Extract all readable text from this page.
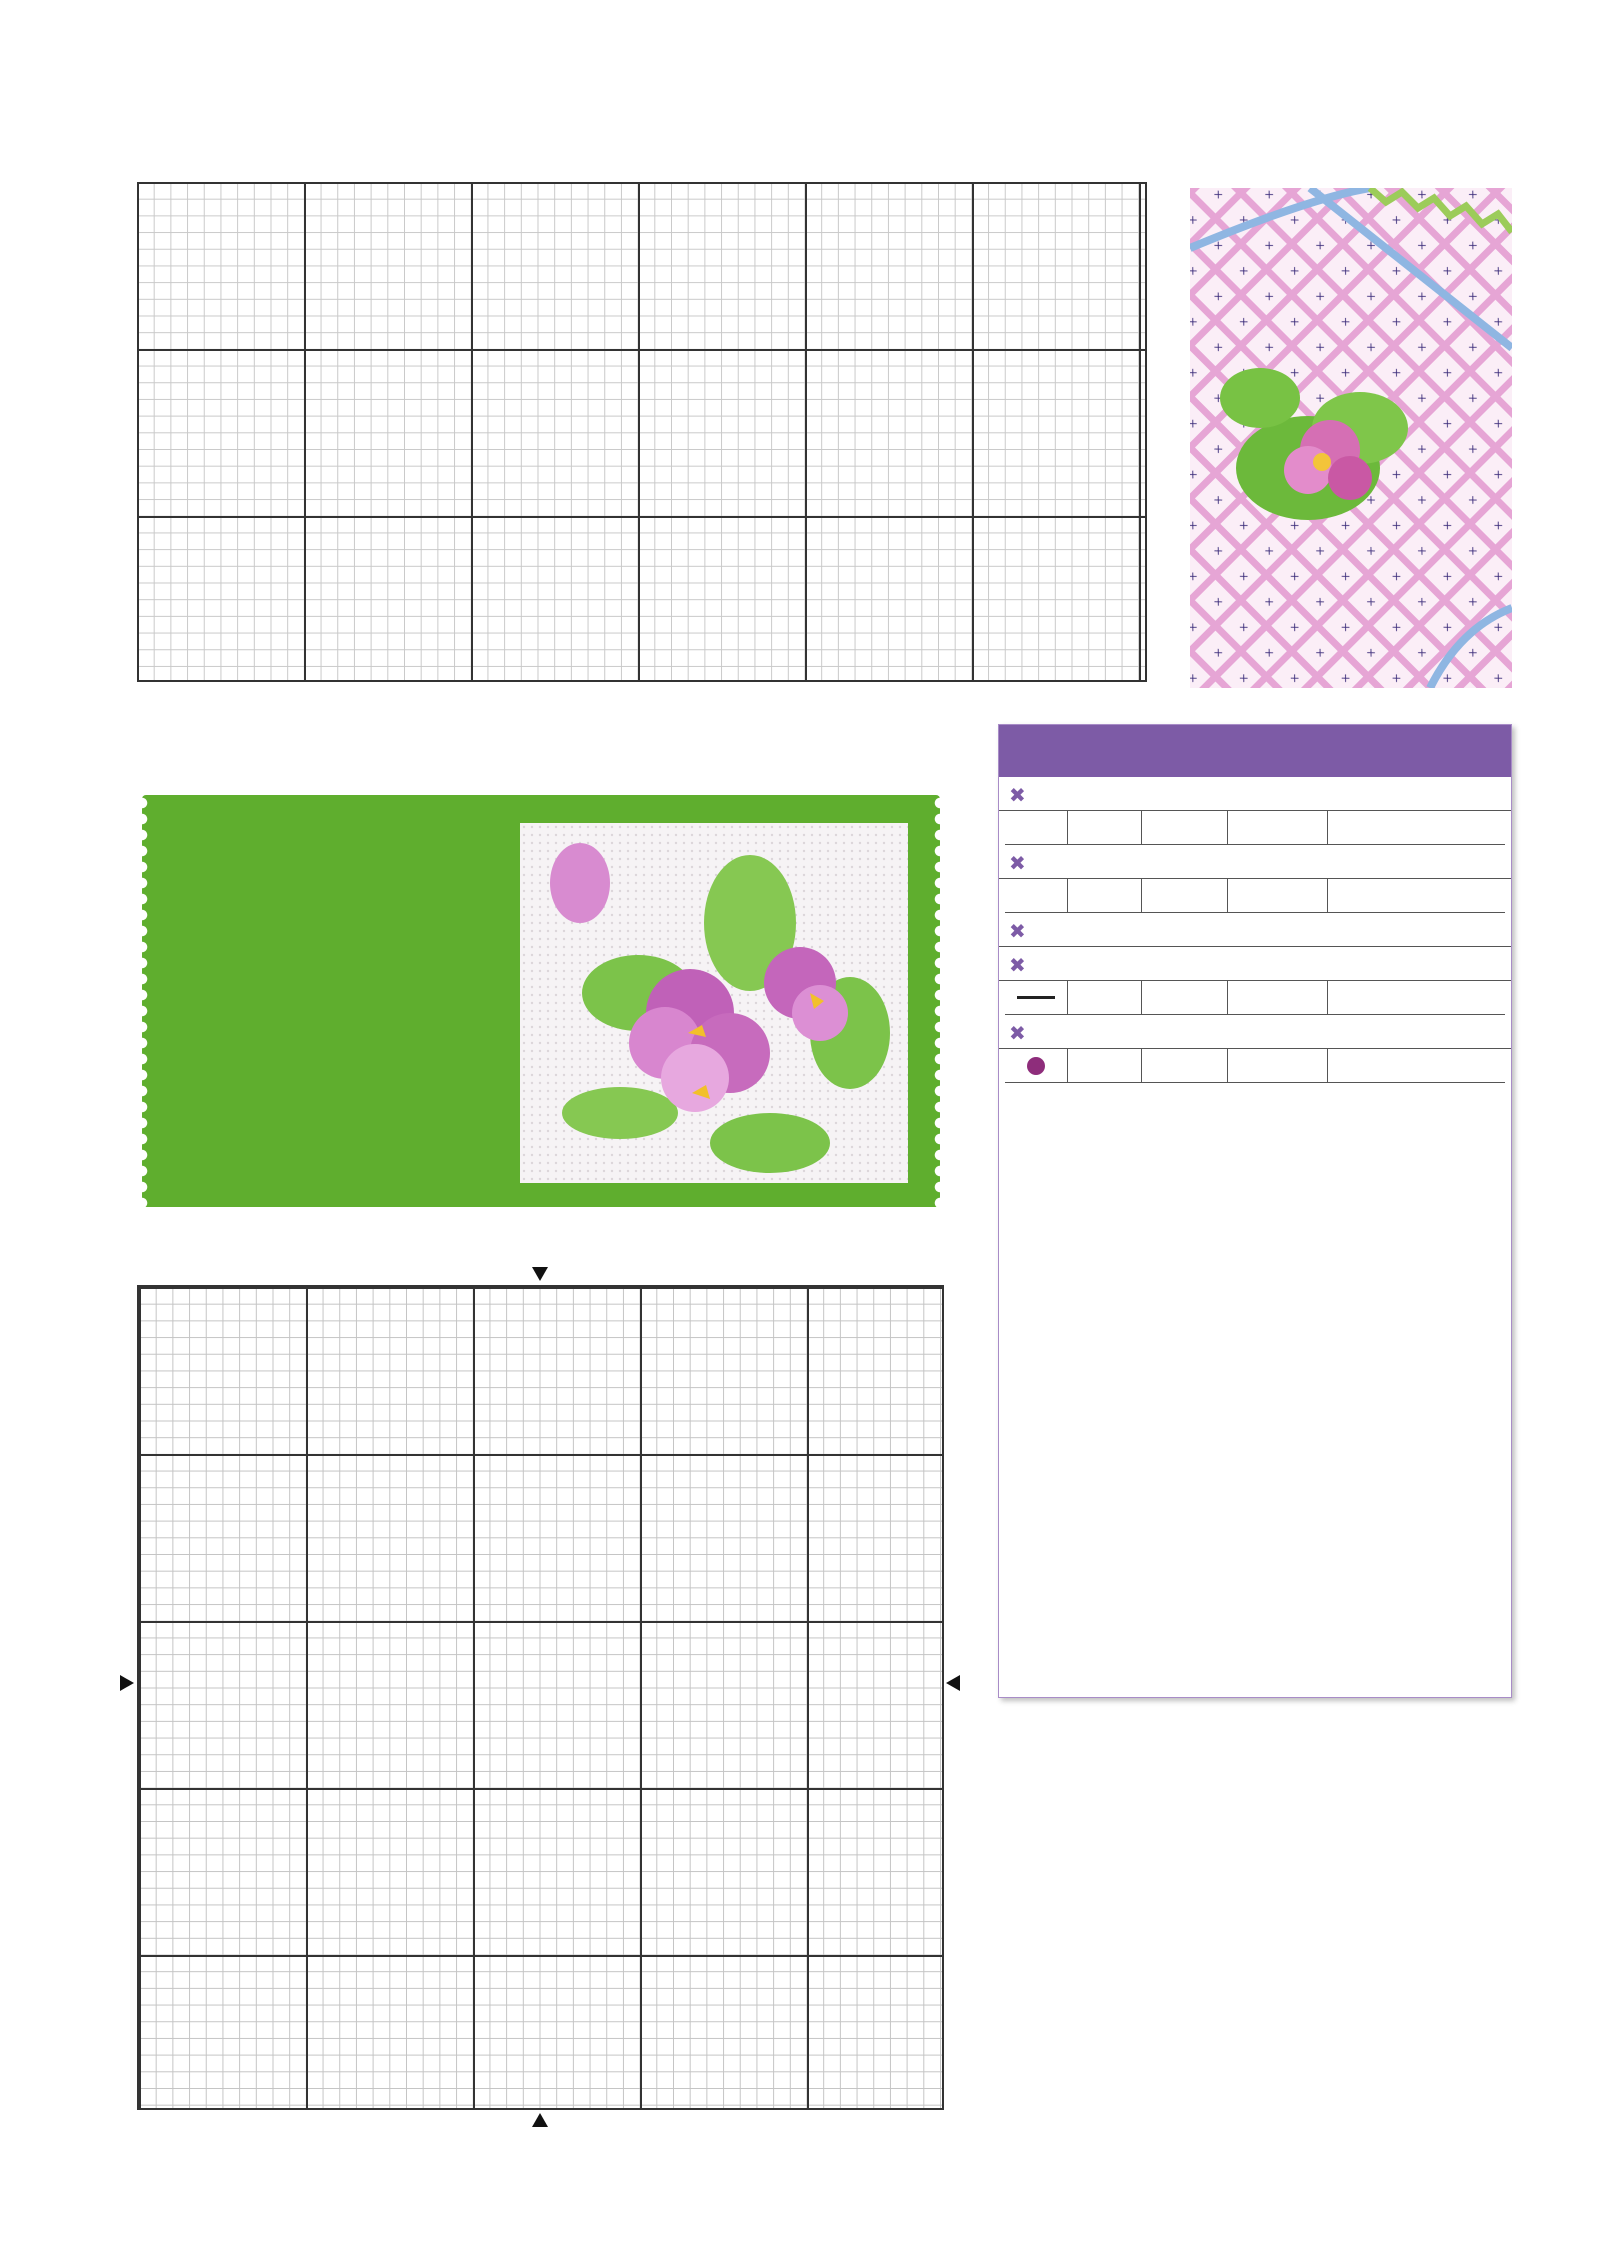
✖

✖

✖
✖

✖
